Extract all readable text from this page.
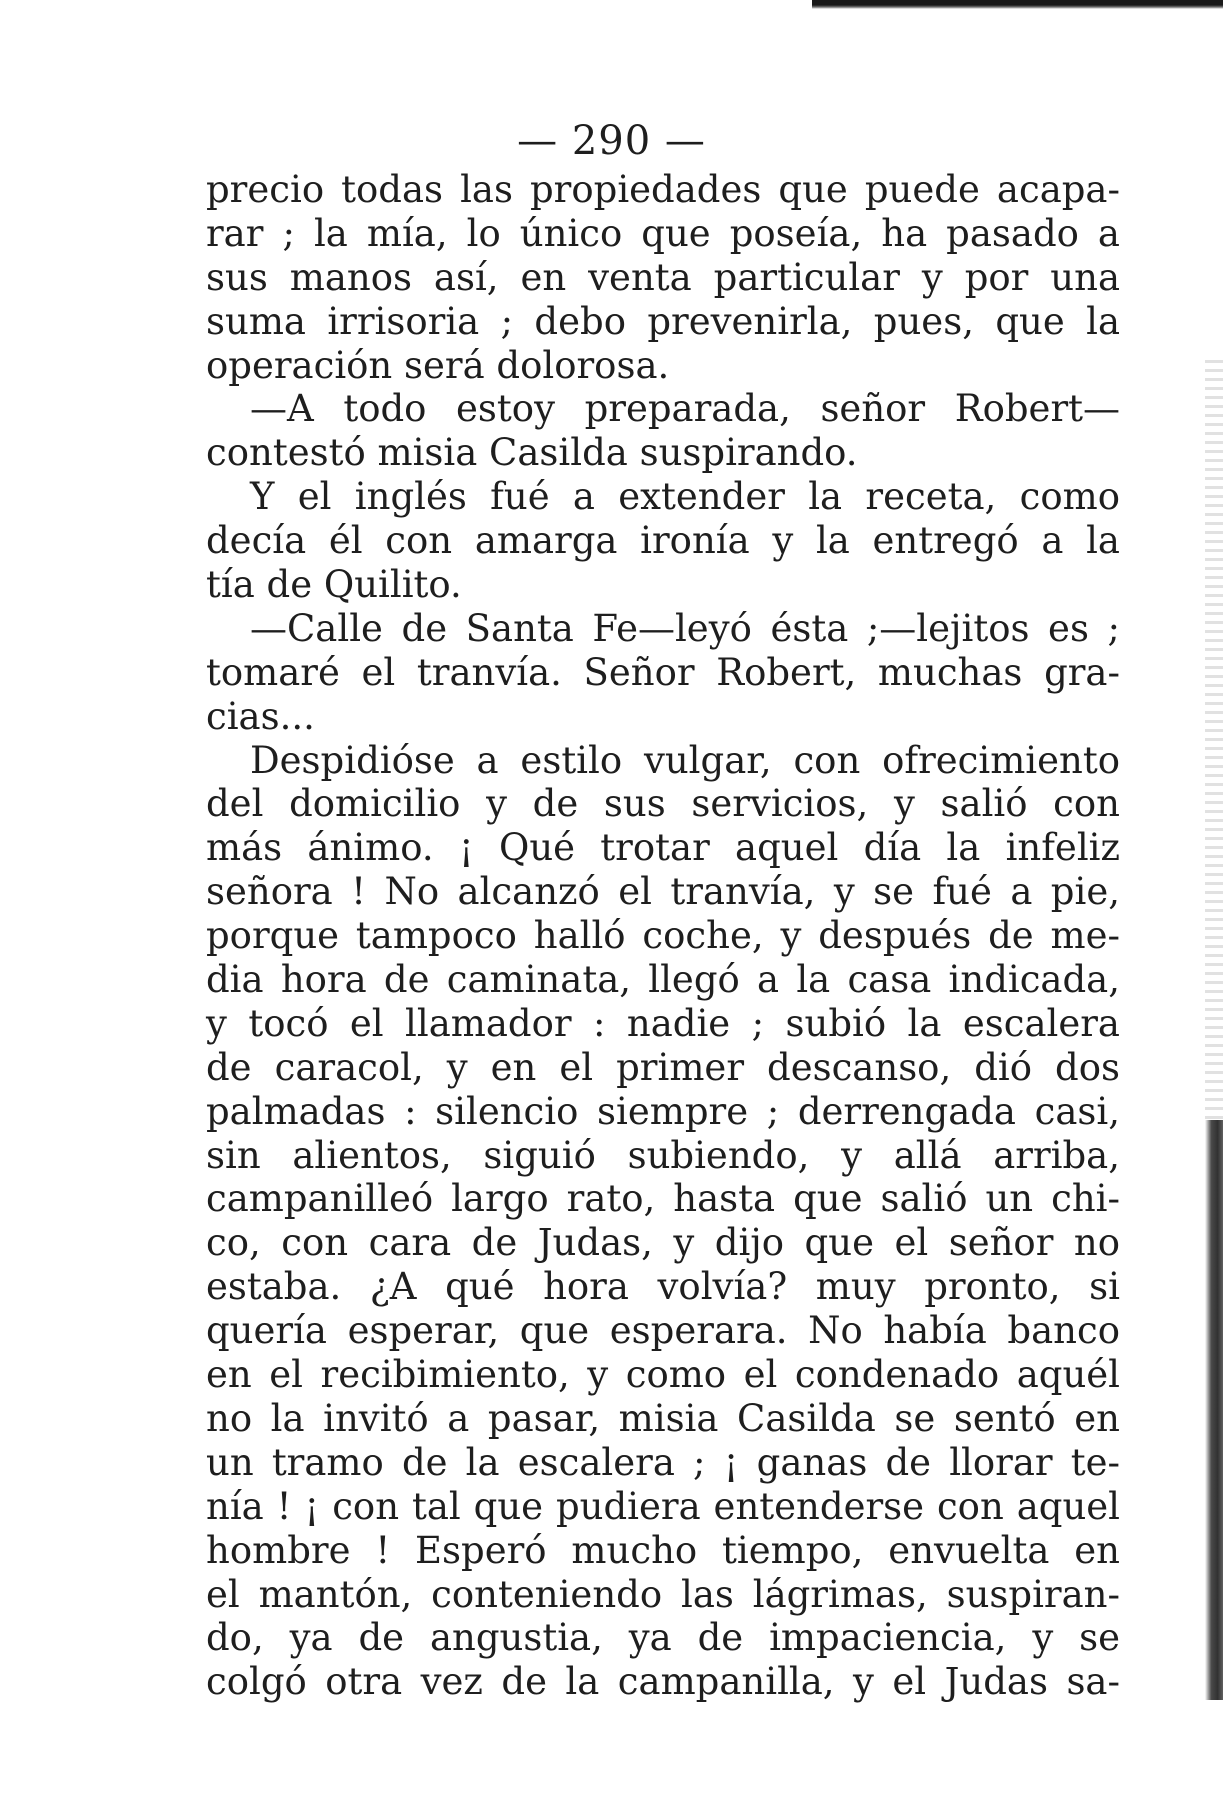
— 290 —
precio todas las propiedades que puede acapa-
rar ; la mía, lo único que poseía, ha pasado a
sus manos así, en venta particular y por una
suma irrisoria ; debo prevenirla, pues, que la
operación será dolorosa.
—A todo estoy preparada, señor Robert—
contestó misia Casilda suspirando.
Y el inglés fué a extender la receta, como
decía él con amarga ironía y la entregó a la
tía de Quilito.
—Calle de Santa Fe—leyó ésta ;—lejitos es ;
tomaré el tranvía. Señor Robert, muchas gra-
cias...
Despidióse a estilo vulgar, con ofrecimiento
del domicilio y de sus servicios, y salió con
más ánimo. ¡ Qué trotar aquel día la infeliz
señora ! No alcanzó el tranvía, y se fué a pie,
porque tampoco halló coche, y después de me-
dia hora de caminata, llegó a la casa indicada,
y tocó el llamador : nadie ; subió la escalera
de caracol, y en el primer descanso, dió dos
palmadas : silencio siempre ; derrengada casi,
sin alientos, siguió subiendo, y allá arriba,
campanilleó largo rato, hasta que salió un chi-
co, con cara de Judas, y dijo que el señor no
estaba. ¿A qué hora volvía? muy pronto, si
quería esperar, que esperara. No había banco
en el recibimiento, y como el condenado aquél
no la invitó a pasar, misia Casilda se sentó en
un tramo de la escalera ; ¡ ganas de llorar te-
nía ! ¡ con tal que pudiera entenderse con aquel
hombre ! Esperó mucho tiempo, envuelta en
el mantón, conteniendo las lágrimas, suspiran-
do, ya de angustia, ya de impaciencia, y se
colgó otra vez de la campanilla, y el Judas sa-
